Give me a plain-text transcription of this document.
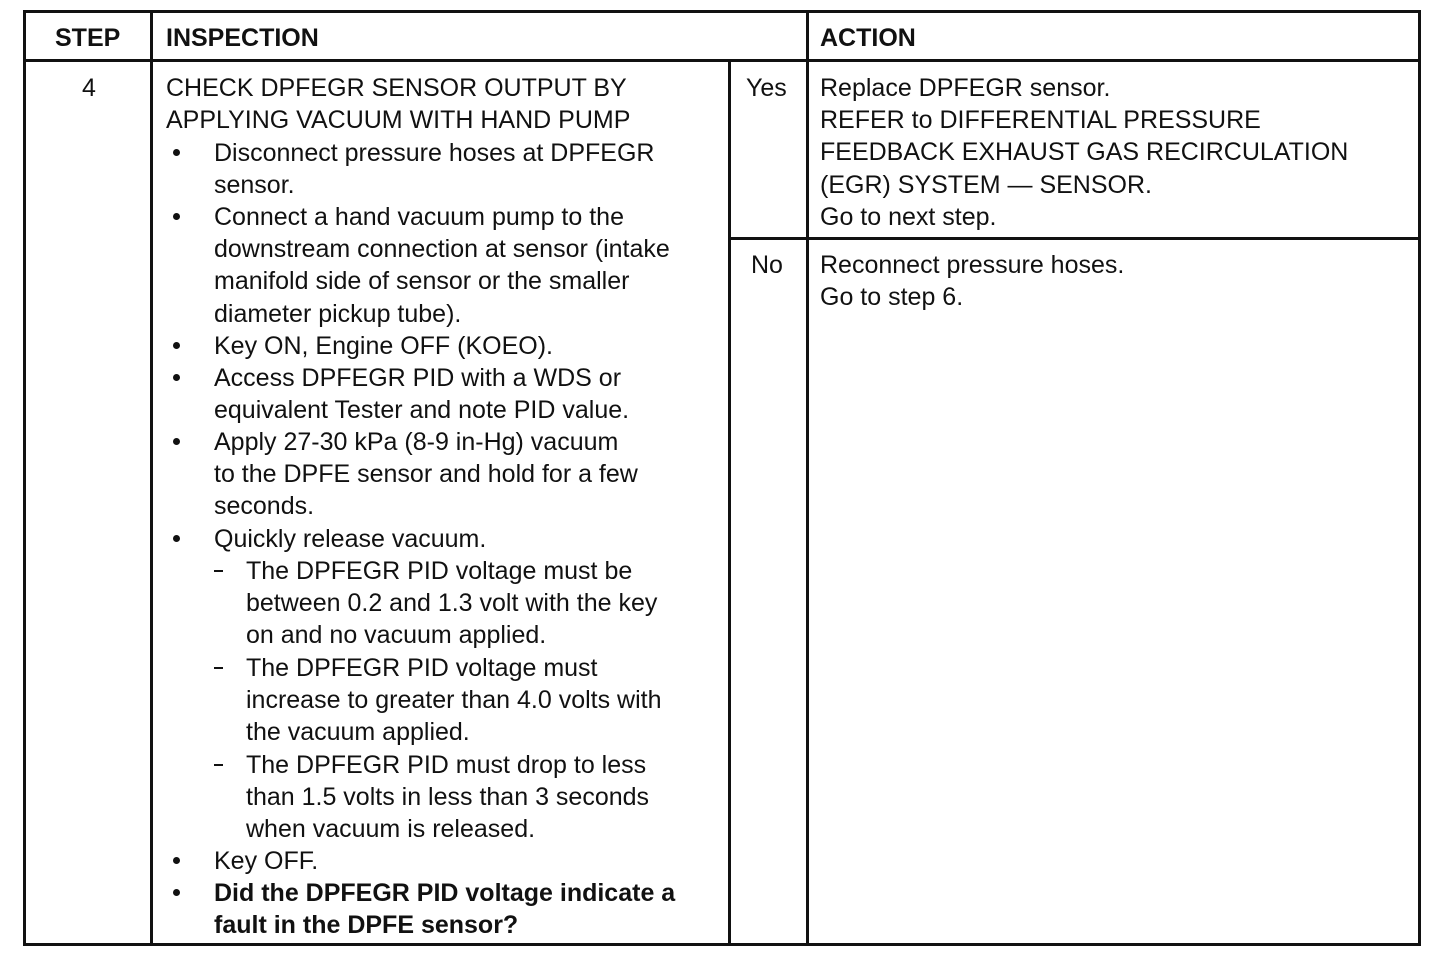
STEP INSPECTION	ACTION
4	CHECK DPFEGR SENSOR OUTPUT BY
APPLYING VACUUM WITH HAND PUMP
Disconnect pressure hoses at DPFEGR
sensor.
Connect a hand vacuum pump to the
downstream connection at sensor (intake
manifold side of sensor or the smaller
diameter pickup tube).
Key ON, Engine OFF (KOEO).
Access DPFEGR PID with a WDS or
equivalent Tester and note PID value.
Apply 27-30 kPa (8-9 in-Hg) vacuum
to the DPFE sensor and hold for a few
seconds.
Quickly release vacuum.
The DPFEGR PID voltage must be
between 0.2 and 1.3 volt with the key
on and no vacuum applied.
The DPFEGR PID voltage must
increase to greater than 4.0 volts with
the vacuum applied.
The DPFEGR PID must drop to less
than 1.5 volts in less than 3 seconds
when vacuum is released.
Key OFF.
Did the DPFEGR PID voltage indicate a
fault in the DPFE sensor?
Yes
No
Replace DPFEGR sensor.
REFER to DIFFERENTIAL PRESSURE
FEEDBACK EXHAUST GAS RECIRCULATION
(EGR) SYSTEM — SENSOR.
Go to next step.
Reconnect pressure hoses.
Go to step 6.
